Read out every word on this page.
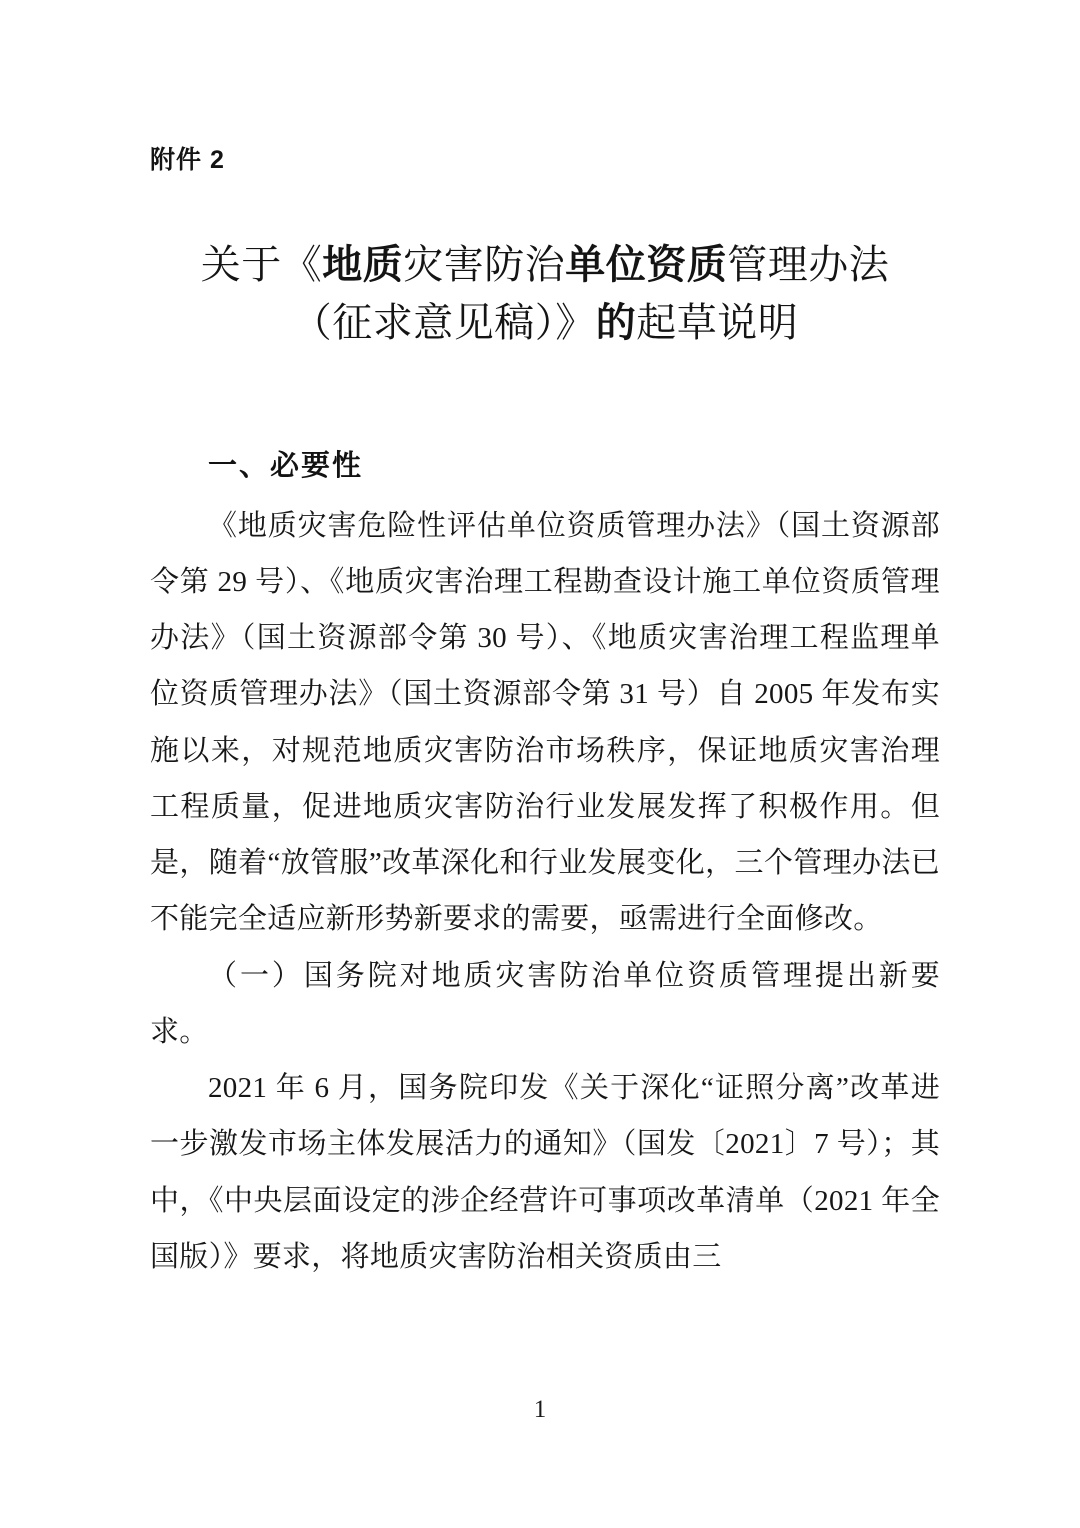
附件 2
关于《地质灾害防治单位资质管理办法
（征求意见稿）》的起草说明
一、必要性

《地质灾害危险性评估单位资质管理办法》（国土资源部令第 29 号）、《地质灾害治理工程勘查设计施工单位资质管理办法》（国土资源部令第 30 号）、《地质灾害治理工程监理单位资质管理办法》（国土资源部令第 31 号）自 2005 年发布实施以来，对规范地质灾害防治市场秩序，保证地质灾害治理工程质量，促进地质灾害防治行业发展发挥了积极作用。但是，随着“放管服”改革深化和行业发展变化，三个管理办法已不能完全适应新形势新要求的需要，亟需进行全面修改。

（一）国务院对地质灾害防治单位资质管理提出新要求。

2021 年 6 月，国务院印发《关于深化“证照分离”改革进一步激发市场主体发展活力的通知》（国发〔2021〕7 号）；其中，《中央层面设定的涉企经营许可事项改革清单（2021 年全国版）》要求，将地质灾害防治相关资质由三

1
